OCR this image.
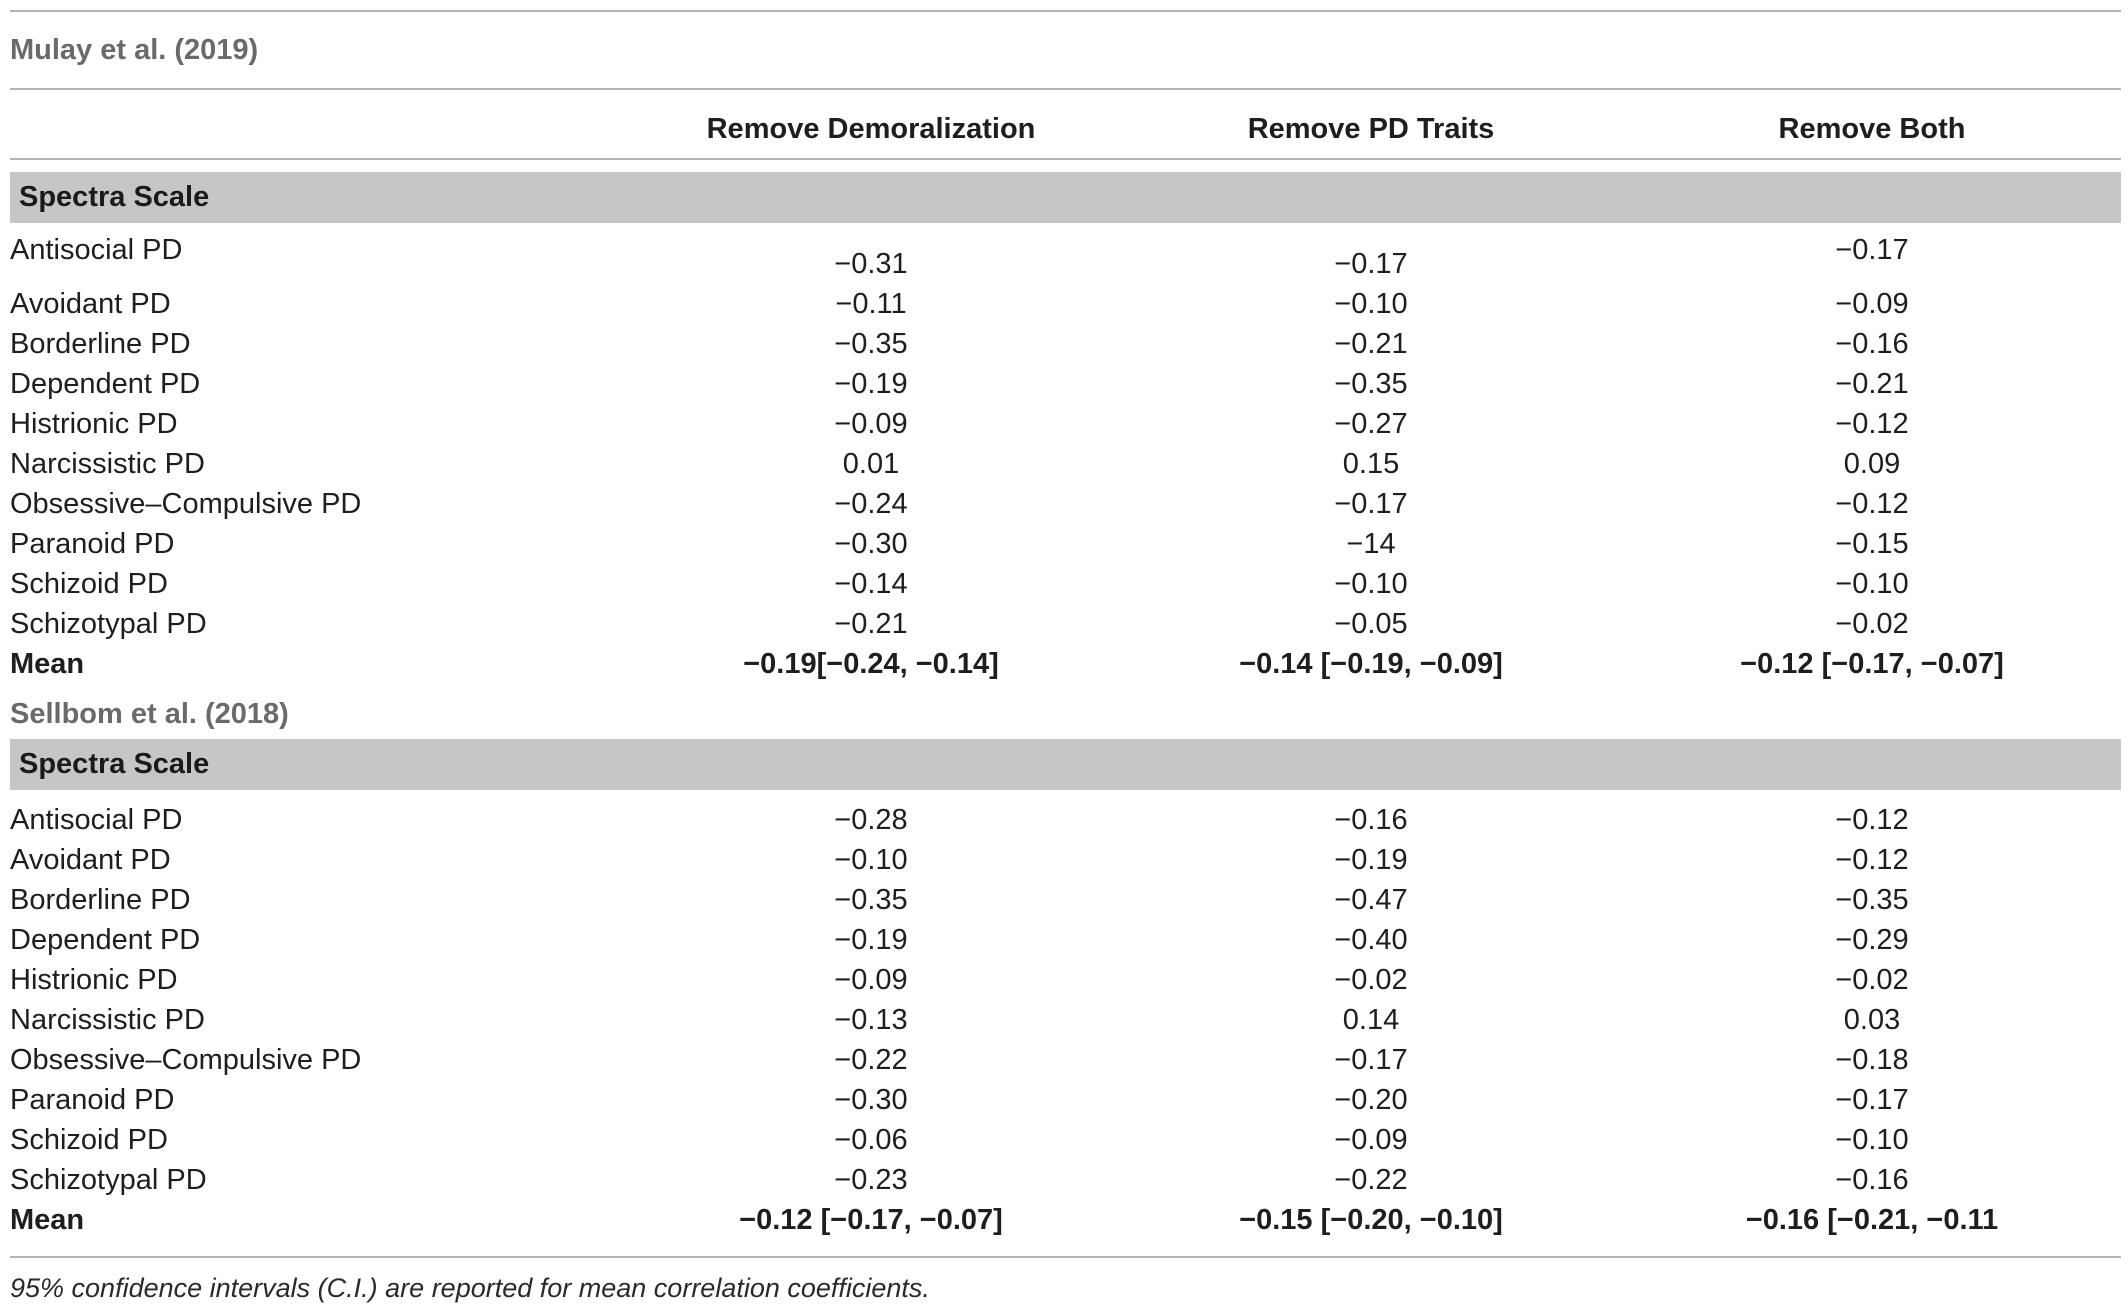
Mulay et al. (2019)
Remove Demoralization	Remove PD Traits	Remove Both
Spectra Scale
Antisocial PD	−0.31	−0.17	−0.17
Avoidant PD	−0.11	−0.10	−0.09
Borderline PD	−0.35	−0.21	−0.16
Dependent PD	−0.19	−0.35	−0.21
Histrionic PD	−0.09	−0.27	−0.12
Narcissistic PD	0.01	0.15	0.09
Obsessive–Compulsive PD	−0.24	−0.17	−0.12
Paranoid PD	−0.30	−14	−0.15
Schizoid PD	−0.14	−0.10	−0.10
Schizotypal PD	−0.21	−0.05	−0.02
Mean	−0.19[−0.24, −0.14]	−0.14 [−0.19, −0.09]	−0.12 [−0.17, −0.07]
Sellbom et al. (2018)
Spectra Scale
Antisocial PD	−0.28	−0.16	−0.12
Avoidant PD	−0.10	−0.19	−0.12
Borderline PD	−0.35	−0.47	−0.35
Dependent PD	−0.19	−0.40	−0.29
Histrionic PD	−0.09	−0.02	−0.02
Narcissistic PD	−0.13	0.14	0.03
Obsessive–Compulsive PD	−0.22	−0.17	−0.18
Paranoid PD	−0.30	−0.20	−0.17
Schizoid PD	−0.06	−0.09	−0.10
Schizotypal PD	−0.23	−0.22	−0.16
Mean	−0.12 [−0.17, −0.07]	−0.15 [−0.20, −0.10]	−0.16 [−0.21, −0.11
95% confidence intervals (C.I.) are reported for mean correlation coefficients.
